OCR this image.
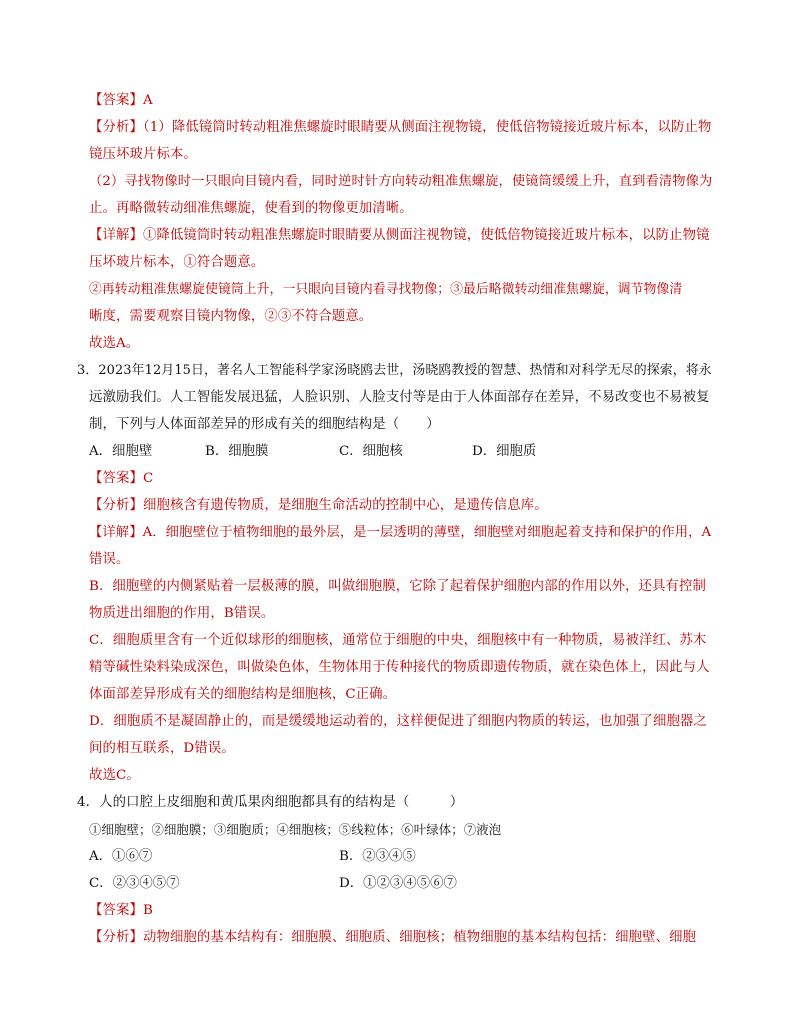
【答案】A
【分析】（1）降低镜筒时转动粗准焦螺旋时眼睛要从侧面注视物镜，使低倍物镜接近玻片标本，以防止物
镜压坏玻片标本。
（2）寻找物像时一只眼向目镜内看，同时逆时针方向转动粗准焦螺旋，使镜筒缓缓上升，直到看清物像为
止。再略微转动细准焦螺旋，使看到的物像更加清晰。
【详解】①降低镜筒时转动粗准焦螺旋时眼睛要从侧面注视物镜，使低倍物镜接近玻片标本，以防止物镜
压坏玻片标本，①符合题意。
②再转动粗准焦螺旋使镜筒上升，一只眼向目镜内看寻找物像；③最后略微转动细准焦螺旋，调节物像清
晰度，需要观察目镜内物像，②③不符合题意。
故选A。
3．2023年12月15日，著名人工智能科学家汤晓鸥去世，汤晓鸥教授的智慧、热情和对科学无尽的探索，将永
远激励我们。人工智能发展迅猛，人脸识别、人脸支付等是由于人体面部存在差异，不易改变也不易被复
制，下列与人体面部差异的形成有关的细胞结构是（　　）
A．细胞壁	B．细胞膜	C．细胞核	D．细胞质
【答案】C
【分析】细胞核含有遗传物质，是细胞生命活动的控制中心，是遗传信息库。
【详解】A．细胞壁位于植物细胞的最外层，是一层透明的薄壁，细胞壁对细胞起着支持和保护的作用，A
错误。
B．细胞壁的内侧紧贴着一层极薄的膜，叫做细胞膜，它除了起着保护细胞内部的作用以外，还具有控制
物质进出细胞的作用，B错误。
C．细胞质里含有一个近似球形的细胞核，通常位于细胞的中央，细胞核中有一种物质，易被洋红、苏木
精等碱性染料染成深色，叫做染色体，生物体用于传种接代的物质即遗传物质，就在染色体上，因此与人
体面部差异形成有关的细胞结构是细胞核，C正确。
D．细胞质不是凝固静止的，而是缓缓地运动着的，这样便促进了细胞内物质的转运，也加强了细胞器之
间的相互联系，D错误。
故选C。
4．人的口腔上皮细胞和黄瓜果肉细胞都具有的结构是（　　　）
①细胞壁；②细胞膜；③细胞质；④细胞核；⑤线粒体；⑥叶绿体；⑦液泡
A．①⑥⑦	B．②③④⑤
C．②③④⑤⑦	D．①②③④⑤⑥⑦
【答案】B
【分析】动物细胞的基本结构有：细胞膜、细胞质、细胞核；植物细胞的基本结构包括：细胞壁、细胞
